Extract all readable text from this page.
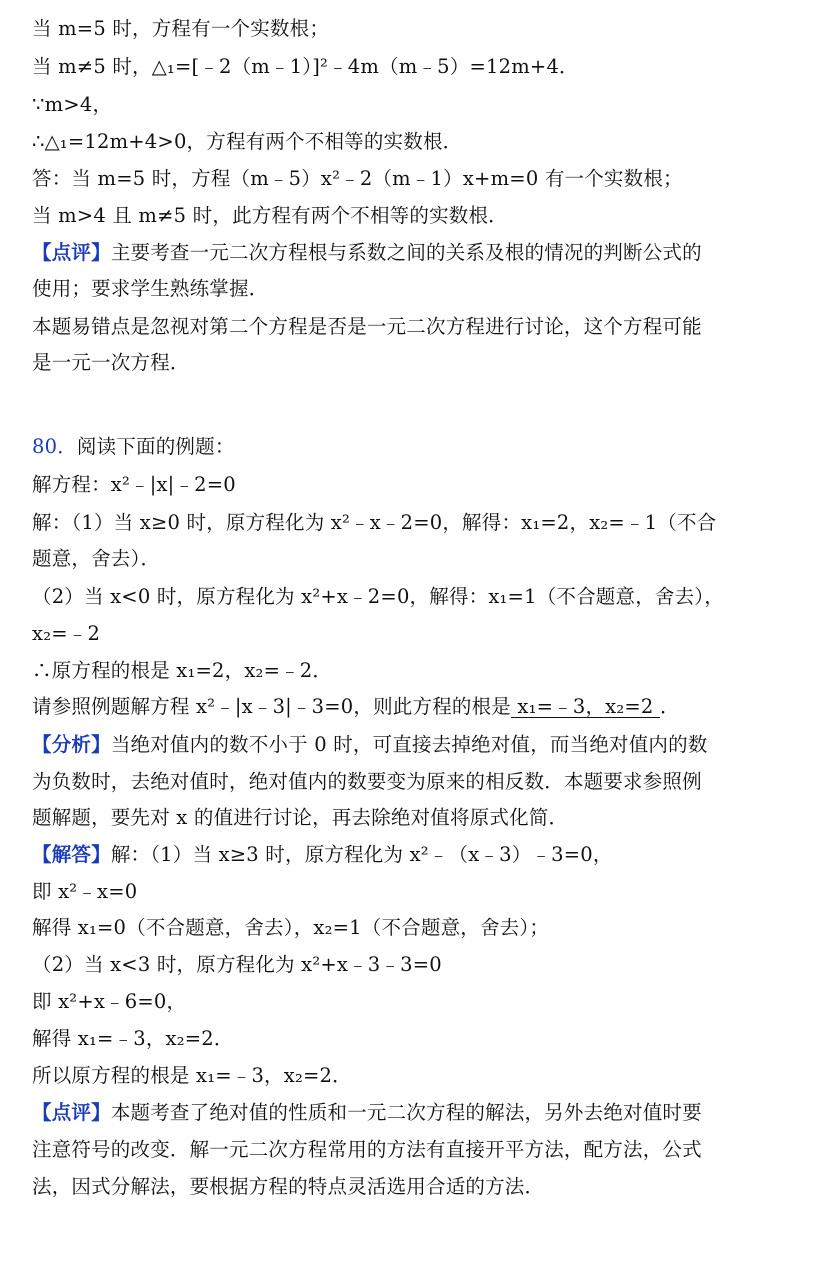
当 m=5 时，方程有一个实数根；
当 m≠5 时，△₁=[﹣2（m﹣1）]²﹣4m（m﹣5）=12m+4．
∵m>4，
∴△₁=12m+4>0，方程有两个不相等的实数根．
答：当 m=5 时，方程（m﹣5）x²﹣2（m﹣1）x+m=0 有一个实数根；
当 m>4 且 m≠5 时，此方程有两个不相等的实数根．
【点评】主要考查一元二次方程根与系数之间的关系及根的情况的判断公式的
使用；要求学生熟练掌握．
本题易错点是忽视对第二个方程是否是一元二次方程进行讨论，这个方程可能
是一元一次方程．
80．阅读下面的例题：
解方程：x²﹣|x|﹣2=0
解：（1）当 x≥0 时，原方程化为 x²﹣x﹣2=0，解得：x₁=2，x₂=﹣1（不合
题意，舍去）．
（2）当 x<0 时，原方程化为 x²+x﹣2=0，解得：x₁=1（不合题意，舍去），
x₂=﹣2
∴原方程的根是 x₁=2，x₂=﹣2．
请参照例题解方程 x²﹣|x﹣3|﹣3=0，则此方程的根是 x₁=﹣3，x₂=2 ．
【分析】当绝对值内的数不小于 0 时，可直接去掉绝对值，而当绝对值内的数
为负数时，去绝对值时，绝对值内的数要变为原来的相反数．本题要求参照例
题解题，要先对 x 的值进行讨论，再去除绝对值将原式化简．
【解答】解：（1）当 x≥3 时，原方程化为 x²﹣（x﹣3）﹣3=0，
即 x²﹣x=0
解得 x₁=0（不合题意，舍去），x₂=1（不合题意，舍去）；
（2）当 x<3 时，原方程化为 x²+x﹣3﹣3=0
即 x²+x﹣6=0，
解得 x₁=﹣3，x₂=2．
所以原方程的根是 x₁=﹣3，x₂=2．
【点评】本题考查了绝对值的性质和一元二次方程的解法，另外去绝对值时要
注意符号的改变．解一元二次方程常用的方法有直接开平方法，配方法，公式
法，因式分解法，要根据方程的特点灵活选用合适的方法．
